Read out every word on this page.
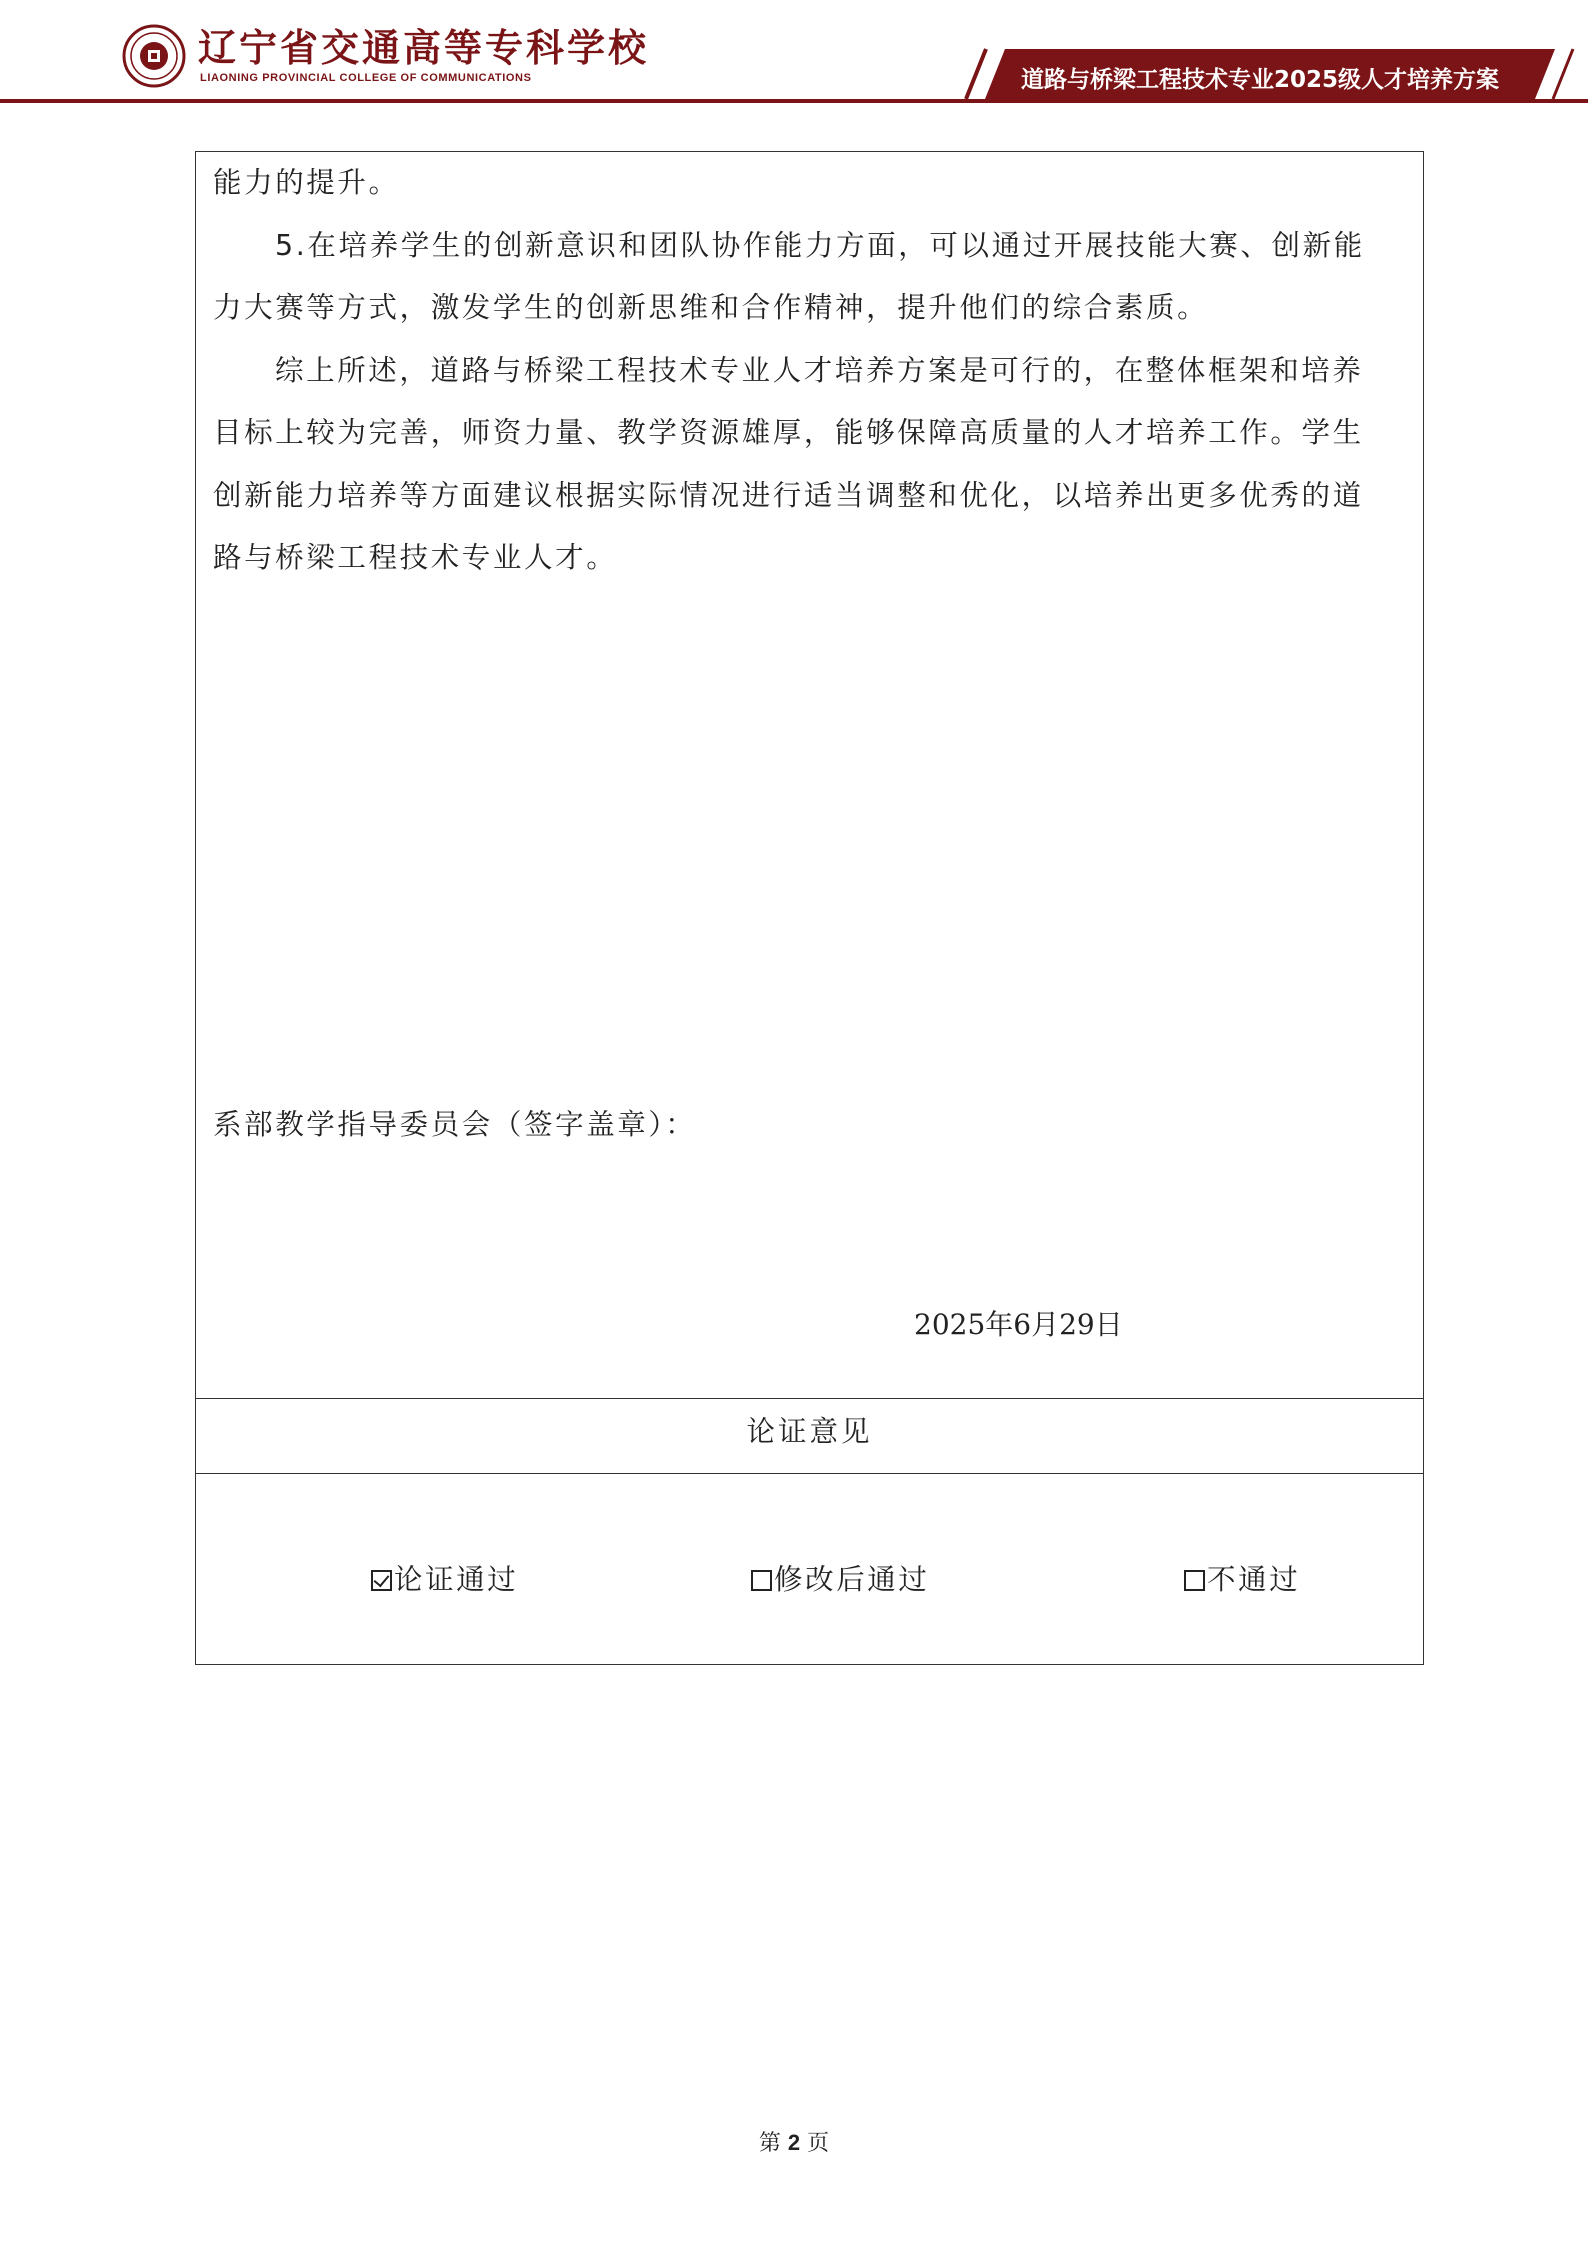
辽宁省交通高等专科学校
LIAONING PROVINCIAL COLLEGE OF COMMUNICATIONS	道路与桥梁工程技术专业2025级人才培养方案

能力的提升。

5.在培养学生的创新意识和团队协作能力方面，可以通过开展技能大赛、创新能力大赛等方式，激发学生的创新思维和合作精神，提升他们的综合素质。

综上所述，道路与桥梁工程技术专业人才培养方案是可行的，在整体框架和培养目标上较为完善，师资力量、教学资源雄厚，能够保障高质量的人才培养工作。学生创新能力培养等方面建议根据实际情况进行适当调整和优化，以培养出更多优秀的道路与桥梁工程技术专业人才。

系部教学指导委员会（签字盖章）：
2025年6月29日
论证意见
论证通过	修改后通过	不通过
第 2 页
